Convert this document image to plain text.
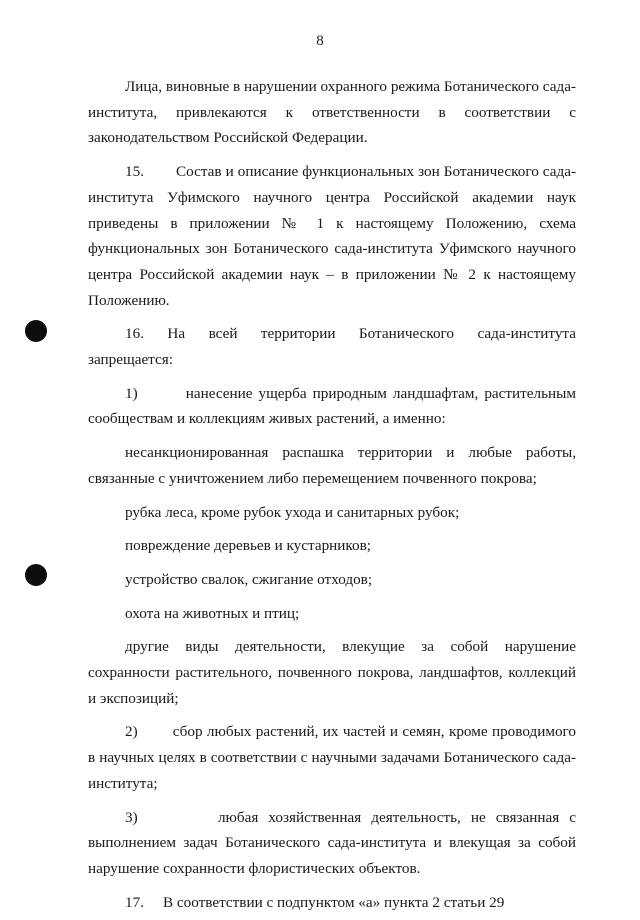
8

Лица, виновные в нарушении охранного режима Ботанического сада-института, привлекаются к ответственности в соответствии с законодательством Российской Федерации.

15.        Состав и описание функциональных зон Ботанического сада-института Уфимского научного центра Российской академии наук приведены в приложении № 1 к настоящему Положению, схема функциональных зон Ботанического сада-института Уфимского научного центра Российской академии наук – в приложении № 2 к настоящему Положению.

16. На всей территории Ботанического сада-института
запрещается:

1)        нанесение ущерба природным ландшафтам, растительным сообществам и коллекциям живых растений, а именно:

несанкционированная распашка территории и любые работы, связанные с уничтожением либо перемещением почвенного покрова;

рубка леса, кроме рубок ухода и санитарных рубок;

повреждение деревьев и кустарников;

устройство свалок, сжигание отходов;

охота на животных и птиц;

другие виды деятельности, влекущие за собой нарушение сохранности растительного, почвенного покрова, ландшафтов, коллекций и экспозиций;

2)        сбор любых растений, их частей и семян, кроме проводимого в научных целях в соответствии с научными задачами Ботанического сада-института;

3)        любая хозяйственная деятельность, не связанная с выполнением задач Ботанического сада-института и влекущая за собой нарушение сохранности флористических объектов.

17.     В соответствии с подпунктом «а» пункта 2 статьи 29
